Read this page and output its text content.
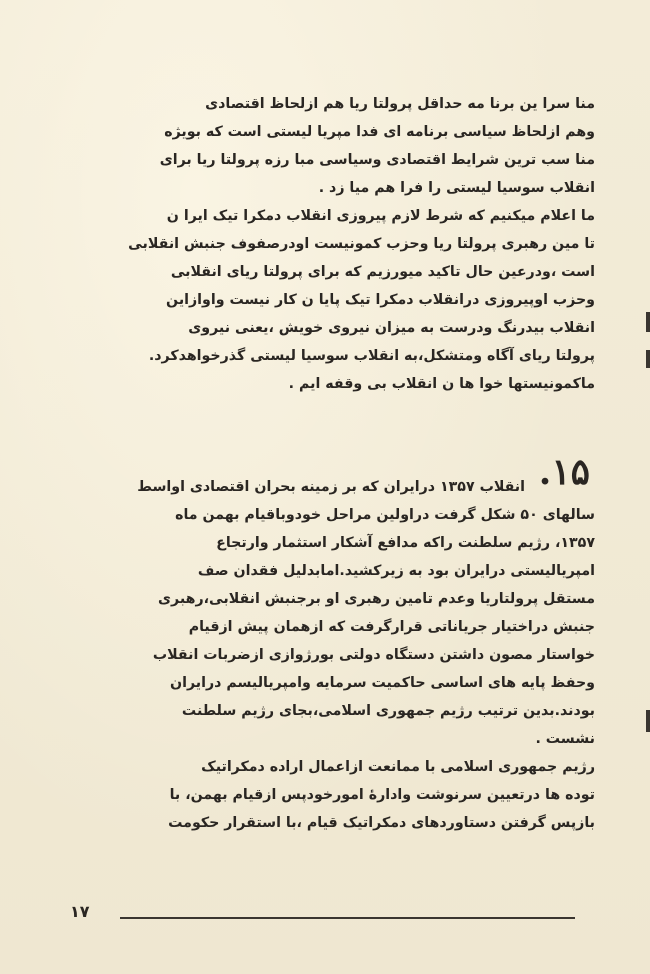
منا سرا ین برنا مه حداقل پرولتا ریا هم ازلحاظ اقتصادی
وهم ازلحاظ سیاسی برنامه ای فدا مپریا لیستی است که بویژه
منا سب ترین شرایط اقتصادی وسیاسی مبا رزه پرولتا ریا برای
انقلاب سوسیا لیستی را فرا هم میا زد .
ما اعلام میکنیم که شرط لازم پیروزی انقلاب دمکرا تیک ایرا ن
تا مین رهبری پرولتا ریا وحزب کمونیست اودرصفوف جنبش انقلابی
است ،ودرعین حال تاکید میورزیم که برای پرولتا ریای انقلابی
وحزب اوپیروزی درانقلاب دمکرا تیک پایا ن کار نیست واوازاین
انقلاب بیدرنگ ودرست به میزان نیروی خویش ،یعنی نیروی
پرولتا ریای آگاه ومتشکل،به انقلاب سوسیا لیستی گذرخواهدکرد.
ماکمونیستها خوا ها ن انقلاب بی وقفه ایم .
۱۵.
انقلاب ۱۳۵۷ درایران که بر زمینه بحران اقتصادی اواسط
سالهای ۵۰ شکل گرفت دراولین مراحل خودوباقیام بهمن ماه
۱۳۵۷، رژیم سلطنت راکه مدافع آشکار استثمار وارتجاع
امپریالیستی درایران بود به زیرکشید.امابدلیل فقدان صف
مستقل پرولتاریا وعدم تامین رهبری او برجنبش انقلابی،رهبری
جنبش دراختیار جریاناتی قرارگرفت که ازهمان پیش ازقیام
خواستار مصون داشتن دستگاه دولتی بورژوازی ازضربات انقلاب
وحفظ پایه های اساسی حاکمیت سرمایه وامپریالیسم درایران
بودند.بدین ترتیب رژیم جمهوری اسلامی،بجای رژیم سلطنت
نشست .
رژیم جمهوری اسلامی با ممانعت ازاعمال اراده دمکراتیک
توده ها درتعیین سرنوشت وادارهٔ امورخودپس ازقیام بهمن، با
بازپس گرفتن دستاوردهای دمکراتیک قیام ،با استقرار حکومت
۱۷
